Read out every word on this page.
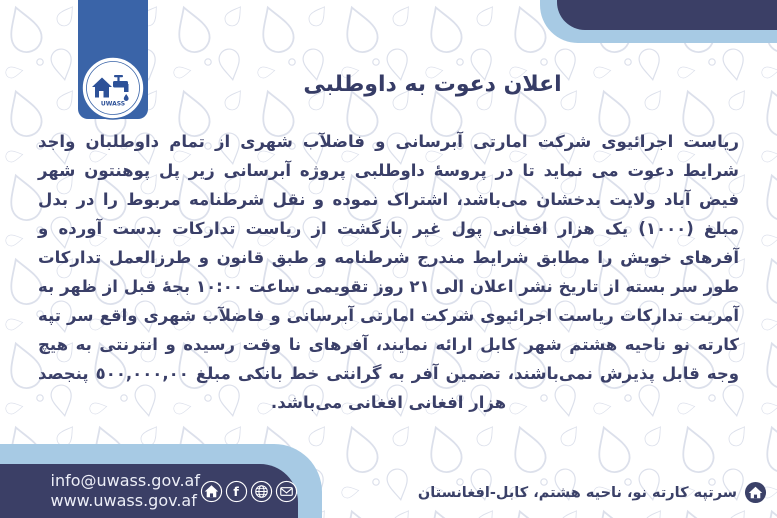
UWASS
اعلان دعوت به داوطلبی

ریاست اجرائیوی شرکت امارتی آبرسانی و فاضلآب شهری از تمام داوطلبان واجد شرایط دعوت می نماید تا در پروسهٔ داوطلبی پروژه آبرسانی زیر پل پوهنتون شهر فیض آباد ولایت بدخشان می‌باشد، اشتراک نموده و نقل شرطنامه مربوط را در بدل مبلغ (١٠٠٠) یک هزار افغانی پول غیر بازگشت از ریاست تدارکات بدست آورده و آفرهای خویش را مطابق شرایط مندرج شرطنامه و طبق قانون و طرزالعمل تدارکات طور سر بسته از تاریخ نشر اعلان الی ٢١ روز تقویمی ساعت ١٠:٠٠ بجهٔ قبل از ظهر به آمریت تدارکات ریاست اجرائیوی شرکت امارتی آبرسانی و فاضلآب شهری واقع سر تپه کارته نو ناحیه هشتم شهر کابل ارائه نمایند، آفرهای نا وقت رسیده و انترنتی به هیچ وجه قابل پذیرش نمی‌باشند، تضمین آفر به گرانتی خط بانکی مبلغ ٥٠٠,٠٠٠,٠٠ پنجصد هزار افغانی افغانی می‌باشد.

f
info@uwass.gov.af
www.uwass.gov.af	سرتپه کارته نو، ناحیه هشتم، کابل-افغانستان
